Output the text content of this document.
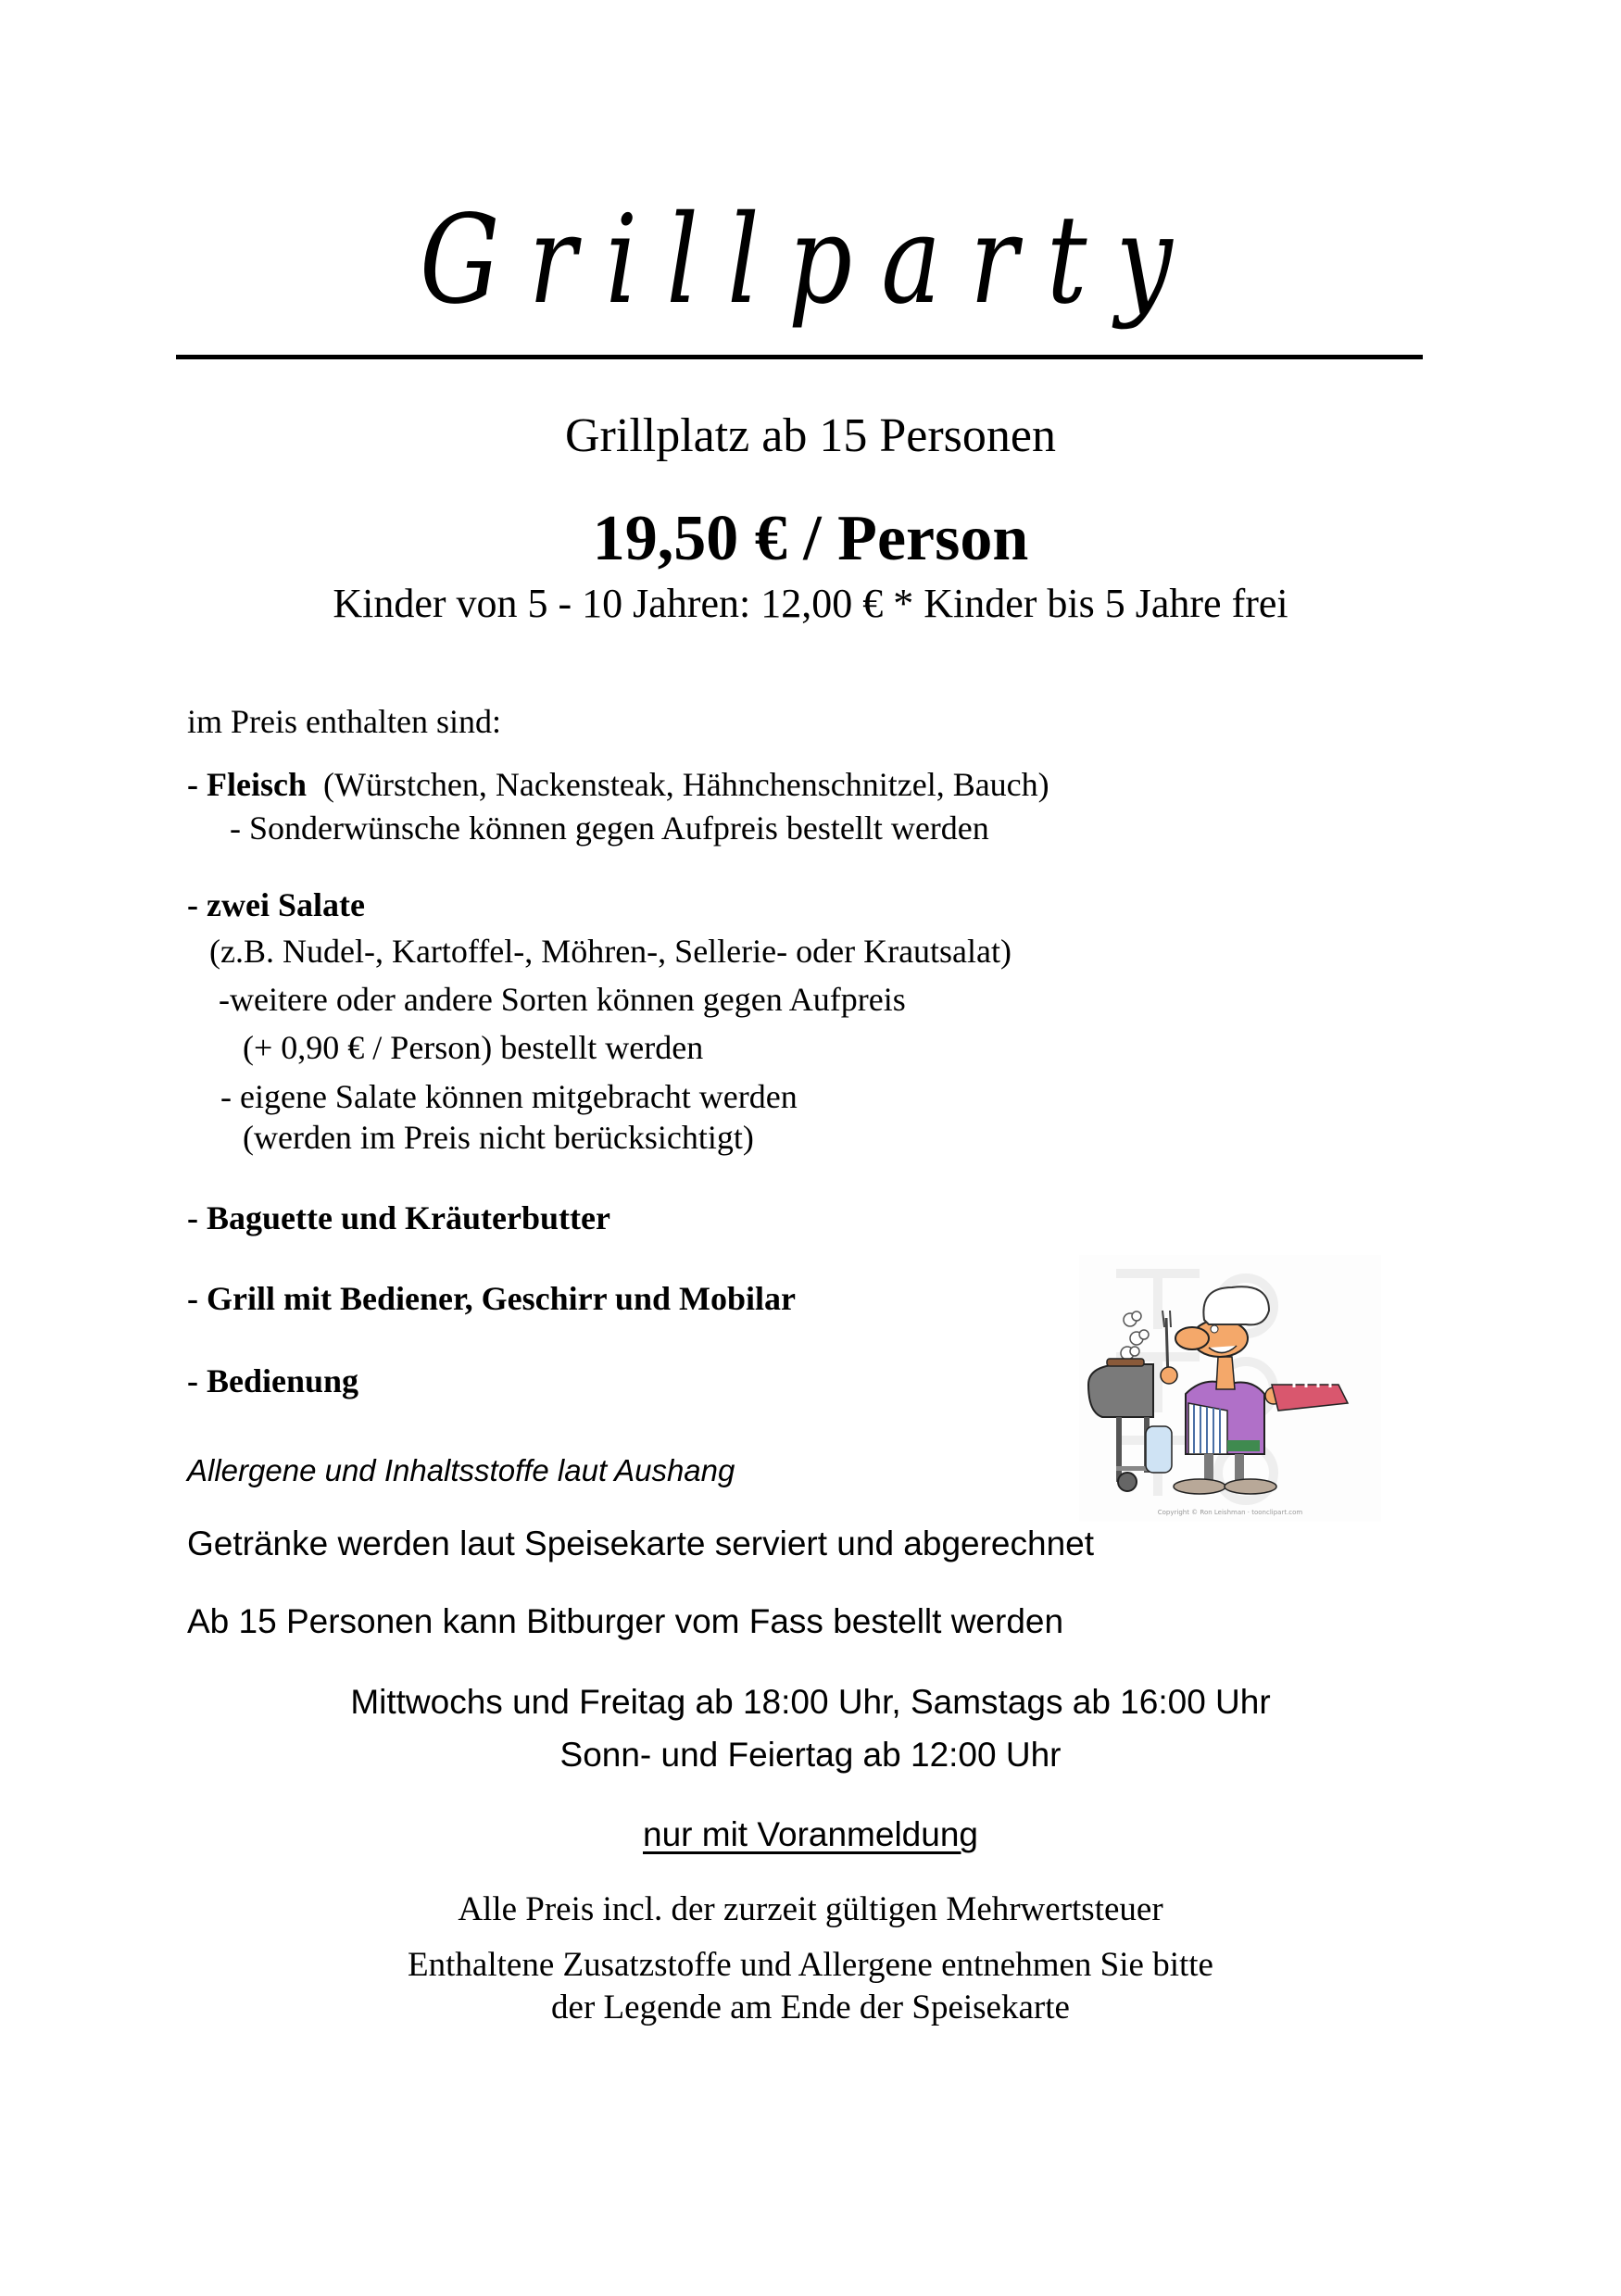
Grillparty
Grillplatz ab 15 Personen
19,50 € / Person
Kinder von 5 - 10 Jahren: 12,00 € * Kinder bis 5 Jahre frei
im Preis enthalten sind:
- Fleisch  (Würstchen, Nackensteak, Hähnchenschnitzel, Bauch)
- Sonderwünsche können gegen Aufpreis bestellt werden
- zwei Salate
(z.B. Nudel-, Kartoffel-, Möhren-, Sellerie- oder Krautsalat)
-weitere oder andere Sorten können gegen Aufpreis
(+ 0,90 € / Person) bestellt werden
- eigene Salate können mitgebracht werden
(werden im Preis nicht berücksichtigt)
- Baguette und Kräuterbutter
- Grill mit Bediener, Geschirr und Mobilar
- Bedienung
Allergene und Inhaltsstoffe laut Aushang
Getränke werden laut Speisekarte serviert und abgerechnet
Ab 15 Personen kann Bitburger vom Fass bestellt werden
Mittwochs und Freitag ab 18:00 Uhr, Samstags ab 16:00 Uhr
Sonn- und Feiertag ab 12:00 Uhr
nur mit Voranmeldung
Alle Preis incl. der zurzeit gültigen Mehrwertsteuer
Enthaltene Zusatzstoffe und Allergene entnehmen Sie bitte
der Legende am Ende der Speisekarte
Copyright © Ron Leishman · toonclipart.com
